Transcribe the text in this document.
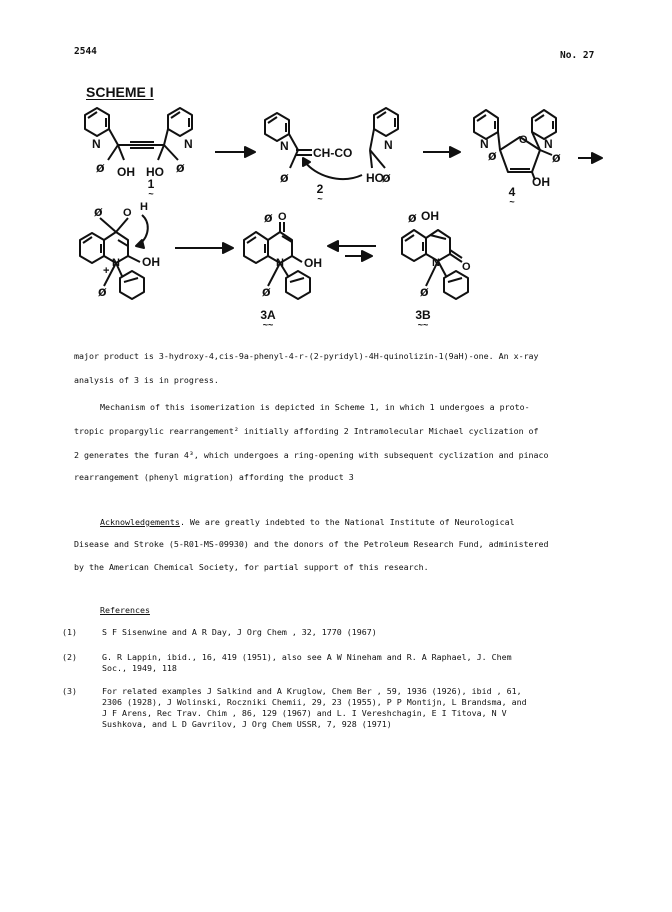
2544	No. 27
SCHEME I
N	N
ø OH HO ø
N CH-CO
N
ø	HO
ø
N	N
ø
O
ø
OH
ø O H
N
+
OH
ø
ø O
N OH
ø
ø OH
N O
ø
1
~	2
~	4
~
3A
~~
3B
~~
major product is 3-hydroxy-4,cis-9a-phenyl-4-r-(2-pyridyl)-4H-quinolizin-1(9aH)-one. An x-ray
analysis of 3 is in progress.
Mechanism of this isomerization is depicted in Scheme 1, in which 1 undergoes a proto-
tropic propargylic rearrangement² initially affording 2 Intramolecular Michael cyclization of
2 generates the furan 4³, which undergoes a ring-opening with subsequent cyclization and pinaco
rearrangement (phenyl migration) affording the product 3
Acknowledgements. We are greatly indebted to the National Institute of Neurological
Disease and Stroke (5-R01-MS-09930) and the donors of the Petroleum Research Fund, administered
by the American Chemical Society, for partial support of this research.
References
(1)	S F Sisenwine and A R Day, J Org Chem , 32, 1770 (1967)
(2)	G. R Lappin, ibid., 16, 419 (1951), also see A W Nineham and R. A Raphael, J. Chem
Soc., 1949, 118
(3)	For related examples J Salkind and A Kruglow, Chem Ber , 59, 1936 (1926), ibid , 61,
2306 (1928), J Wolinski, Roczniki Chemii, 29, 23 (1955), P P Montijn, L Brandsma, and
J F Arens, Rec Trav. Chim , 86, 129 (1967) and L. I Vereshchagin, E I Titova, N V
Sushkova, and L D Gavrilov, J Org Chem USSR, 7, 928 (1971)
